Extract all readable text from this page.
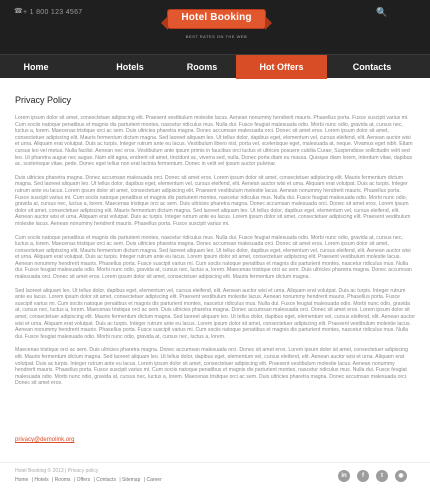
☎+ 1 800 123 4567	🔍
Hotel Booking
BEST RATES ON THE WEB
Home	Hotels	Rooms	Hot Offers	Contacts
Privacy Policy

Lorem ipsum dolor sit amet, consectetuer adipiscing elit. Praesent vestibulum molestie lacus. Aenean nonummy hendrerit mauris. Phasellus porta. Fusce suscipit varius mi. Cum sociis natoque penatibus et magnis dis parturient montes, nascetur ridiculus mus. Nulla dui. Fusce feugiat malesuada odio. Morbi nunc odio, gravida at, cursus nec, luctus a, lorem. Maecenas tristique orci ac sem. Duis ultricies pharetra magna. Donec accumsan malesuada orci. Donec sit amet eros. Lorem ipsum dolor sit amet, consectetuer adipiscing elit. Mauris fermentum dictum magna. Sed laoreet aliquam leo. Ut tellus dolor, dapibus eget, elementum vel, cursus eleifend, elit. Aenean auctor wisi et urna. Aliquam erat volutpat. Duis ac turpis. Integer rutrum ante eu lacus. Vestibulum libero nisl, porta vel, scelerisque eget, malesuada at, neque. Vivamus eget nibh. Etiam cursus leo vel metus. Nulla facilisi. Aenean nec eros. Vestibulum ante ipsum primis in faucibus orci luctus et ultrices posuere cubilia Curae; Suspendisse sollicitudin velit sed leo. Ut pharetra augue nec augue. Nam elit agna, endrerit sit amet, tincidunt ac, viverra sed, nulla. Donec porta diam eu massa. Quisque diam lorem, interdum vitae, dapibus ac, scelerisque vitae, pede. Donec eget tellus non erat lacinia fermentum. Donec in velit vel ipsum auctor pulvinar.

Duis ultricies pharetra magna. Donec accumsan malesuada orci. Donec sit amet eros. Lorem ipsum dolor sit amet, consectetuer adipiscing elit. Mauris fermentum dictum magna. Sed laoreet aliquam leo. Ut tellus dolor, dapibus eget, elementum vel, cursus eleifend, elit. Aenean auctor wisi et urna. Aliquam erat volutpat. Duis ac turpis. Integer rutrum ante eu lacus. Lorem ipsum dolor sit amet, consectetuer adipiscing elit. Praesent vestibulum molestie lacus. Aenean nonummy hendrerit mauris. Phasellus porta. Fusce suscipit varius mi. Cum sociis natoque penatibus et magnis dis parturient montes, nascetur ridiculus mus. Nulla dui. Fusce feugiat malesuada odio. Morbi nunc odio, gravida at, cursus nec, luctus a, lorem. Maecenas tristique orci ac sem. Duis ultricies pharetra magna. Donec accumsan malesuada orci. Donec sit amet eros. Lorem ipsum dolor sit amet, consectetuer adipiscing elit. Mauris fermentum dictum magna. Sed laoreet aliquam leo. Ut tellus dolor, dapibus eget, elementum vel, cursus eleifend, elit. Aenean auctor wisi et urna. Aliquam erat volutpat. Duis ac turpis. Integer rutrum ante eu lacus. Lorem ipsum dolor sit amet, consectetuer adipiscing elit. Praesent vestibulum molestie lacus. Aenean nonummy hendrerit mauris. Phasellus porta. Fusce suscipit varius mi.

Cum sociis natoque penatibus et magnis dis parturient montes, nascetur ridiculus mus. Nulla dui. Fusce feugiat malesuada odio. Morbi nunc odio, gravida at, cursus nec, luctus a, lorem. Maecenas tristique orci ac sem. Duis ultricies pharetra magna. Donec accumsan malesuada orci. Donec sit amet eros. Lorem ipsum dolor sit amet, consectetuer adipiscing elit. Mauris fermentum dictum magna. Sed laoreet aliquam leo. Ut tellus dolor, dapibus eget, elementum vel, cursus eleifend, elit. Aenean auctor wisi et urna. Aliquam erat volutpat. Duis ac turpis. Integer rutrum ante eu lacus. Lorem ipsum dolor sit amet, consectetuer adipiscing elit. Praesent vestibulum molestie lacus. Aenean nonummy hendrerit mauris. Phasellus porta. Fusce suscipit varius mi. Cum sociis natoque penatibus et magnis dis parturient montes, nascetur ridiculus mus. Nulla dui. Fusce feugiat malesuada odio. Morbi nunc odio, gravida at, cursus nec, luctus a, lorem. Maecenas tristique orci ac sem. Duis ultricies pharetra magna. Donec accumsan malesuada orci. Donec sit amet eros. Lorem ipsum dolor sit amet, consectetuer adipiscing elit. Mauris fermentum dictum magna.

Sed laoreet aliquam leo. Ut tellus dolor, dapibus eget, elementum vel, cursus eleifend, elit. Aenean auctor wisi et urna. Aliquam erat volutpat. Duis ac turpis. Integer rutrum ante eu lacus. Lorem ipsum dolor sit amet, consectetuer adipiscing elit. Praesent vestibulum molestie lacus. Aenean nonummy hendrerit mauris. Phasellus porta. Fusce suscipit varius mi. Cum sociis natoque penatibus et magnis dis parturient montes, nascetur ridiculus mus. Nulla dui. Fusce feugiat malesuada odio. Morbi nunc odio, gravida at, cursus nec, luctus a, lorem. Maecenas tristique orci ac sem. Duis ultricies pharetra magna. Donec accumsan malesuada orci. Donec sit amet eros. Lorem ipsum dolor sit amet, consectetuer adipiscing elit. Mauris fermentum dictum magna. Sed laoreet aliquam leo. Ut tellus dolor, dapibus eget, elementum vel, cursus eleifend, elit. Aenean auctor wisi et urna. Aliquam erat volutpat. Duis ac turpis. Integer rutrum ante eu lacus. Lorem ipsum dolor sit amet, consectetuer adipiscing elit. Praesent vestibulum molestie lacus. Aenean nonummy hendrerit mauris. Phasellus porta. Fusce suscipit varius mi. Cum sociis natoque penatibus et magnis dis parturient montes, nascetur ridiculus mus. Nulla dui. Fusce feugiat malesuada odio. Morbi nunc odio, gravida at, cursus nec, luctus a, lorem.

Maecenas tristique orci ac sem. Duis ultricies pharetra magna. Donec accumsan malesuada orci. Donec sit amet eros. Lorem ipsum dolor sit amet, consectetuer adipiscing elit. Mauris fermentum dictum magna. Sed laoreet aliquam leo. Ut tellus dolor, dapibus eget, elementum vel, cursus eleifend, elit. Aenean auctor wisi et urna. Aliquam erat volutpat. Duis ac turpis. Integer rutrum ante eu lacus. Lorem ipsum dolor sit amet, consectetuer adipiscing elit. Praesent vestibulum molestie lacus. Aenean nonummy hendrerit mauris. Phasellus porta. Fusce suscipit varius mi. Cum sociis natoque penatibus et magnis dis parturient montes, nascetur ridiculus mus. Nulla dui. Fusce feugiat malesuada odio. Morbi nunc odio, gravida at, cursus nec, luctus a, lorem. Maecenas tristique orci ac sem. Duis ultricies pharetra magna. Donec accumsan malesuada orci. Donec sit amet eros.

privacy@demolink.org
Hotel Booking © 2013 | Privacy policy
Home | Hotels | Rooms | Offers | Contacts | Sitemap | Career
in	f	t	◉
